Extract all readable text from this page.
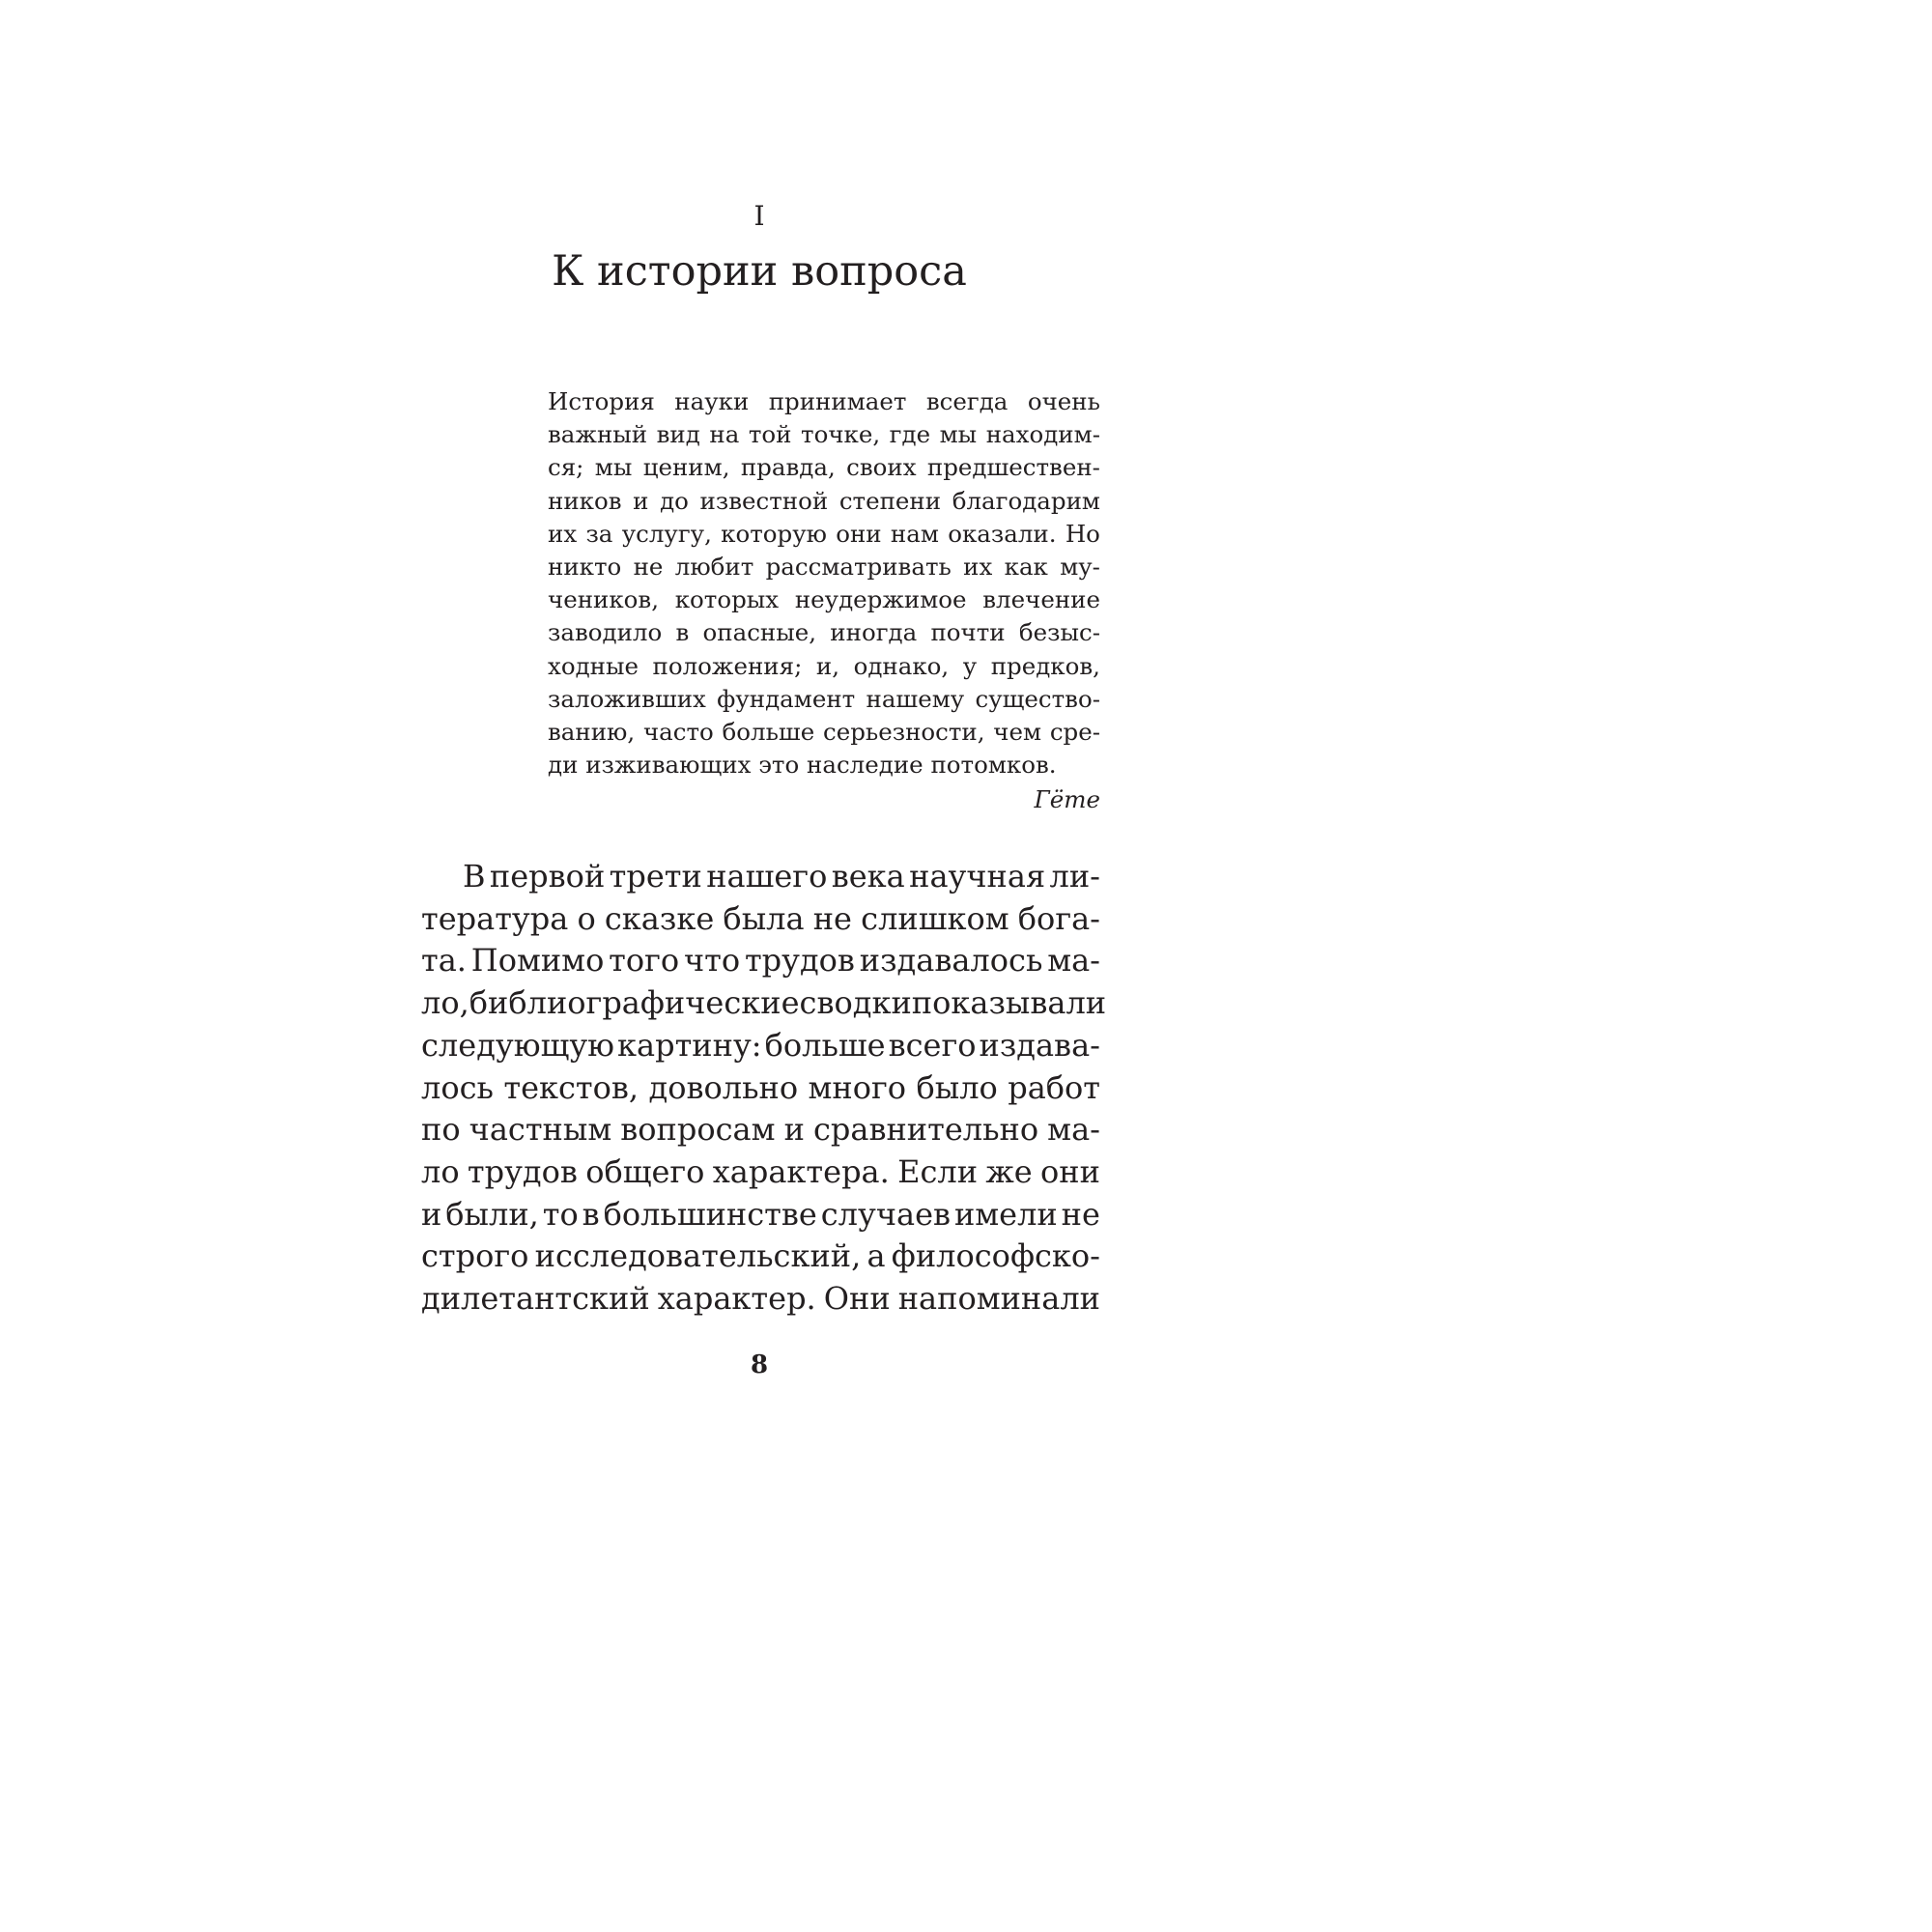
I
К истории вопроса
История науки принимает всегда очень
важный вид на той точке, где мы находим-
ся; мы ценим, правда, своих предшествен-
ников и до известной степени благодарим
их за услугу, которую они нам оказали. Но
никто не любит рассматривать их как му-
чеников, которых неудержимое влечение
заводило в опасные, иногда почти безыс-
ходные положения; и, однако, у предков,
заложивших фундамент нашему существо-
ванию, часто больше серьезности, чем сре-
ди изживающих это наследие потомков.
Гёте
В первой трети нашего века научная ли-
тература о сказке была не слишком бога-
та. Помимо того что трудов издавалось ма-
ло, библиографические сводки показывали
следующую картину: больше всего издава-
лось текстов, довольно много было работ
по частным вопросам и сравнительно ма-
ло трудов общего характера. Если же они
и были, то в большинстве случаев имели не
строго исследовательский, а философско-
дилетантский характер. Они напоминали
8
